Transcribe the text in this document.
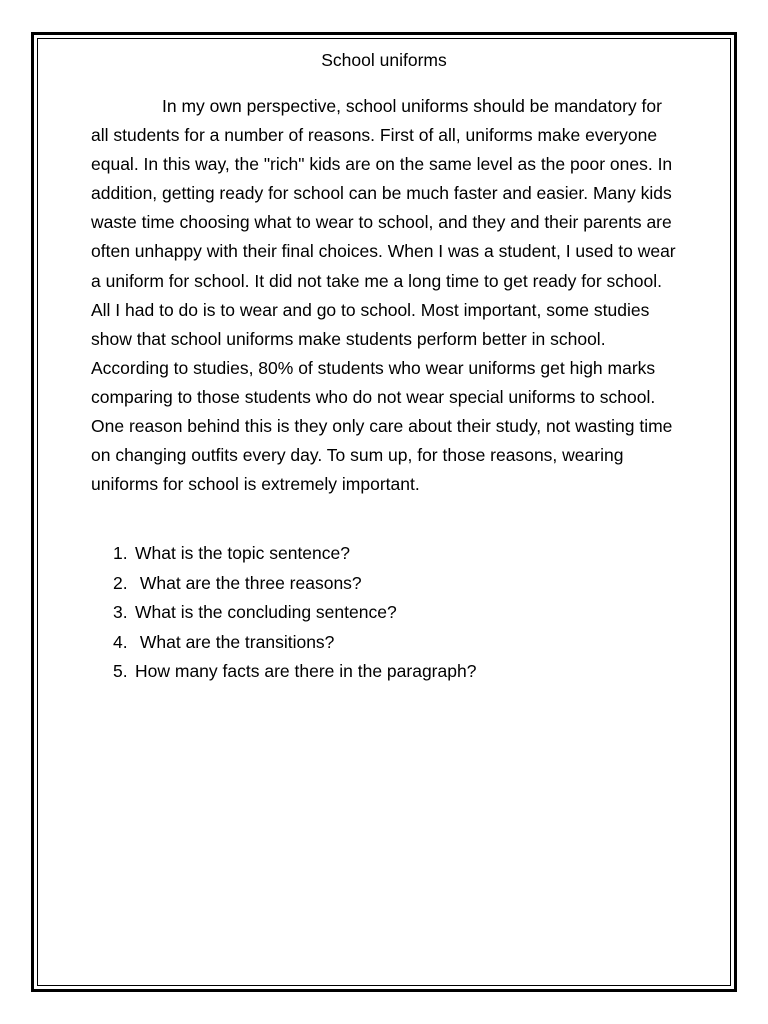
School uniforms

In my own perspective, school uniforms should be mandatory for all students for a number of reasons. First of all, uniforms make everyone equal. In this way, the "rich" kids are on the same level as the poor ones. In addition, getting ready for school can be much faster and easier. Many kids waste time choosing what to wear to school, and they and their parents are often unhappy with their final choices. When I was a student, I used to wear a uniform for school. It did not take me a long time to get ready for school. All I had to do is to wear and go to school. Most important, some studies show that school uniforms make students perform better in school. According to studies, 80% of students who wear uniforms get high marks comparing to those students who do not wear special uniforms to school. One reason behind this is they only care about their study, not wasting time on changing outfits every day. To sum up, for those reasons, wearing uniforms for school is extremely important.

1. What is the topic sentence?
2. What are the three reasons?
3. What is the concluding sentence?
4. What are the transitions?
5. How many facts are there in the paragraph?
